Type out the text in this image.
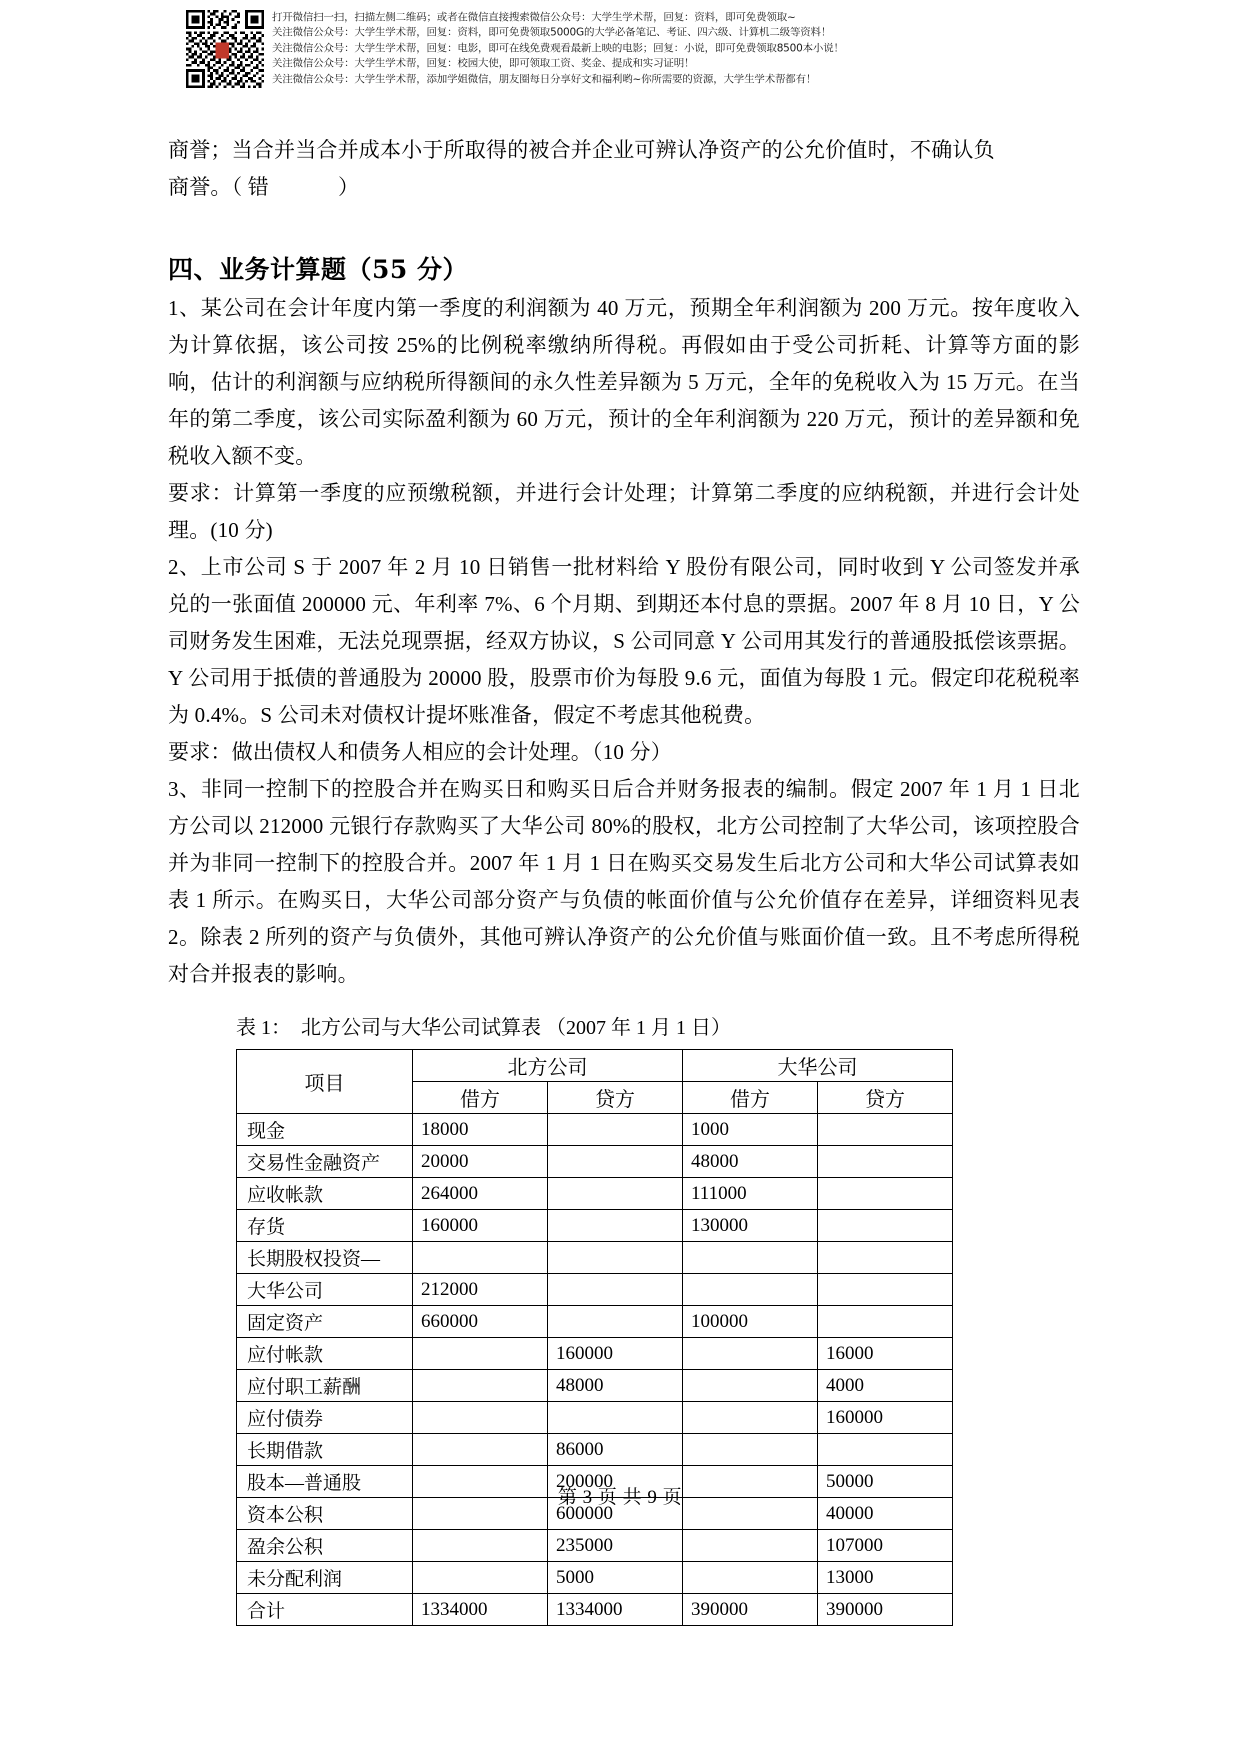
打开微信扫一扫，扫描左侧二维码；或者在微信直接搜索微信公众号：大学生学术帮，回复：资料，即可免费领取~
关注微信公众号：大学生学术帮，回复：资料，即可免费领取5000G的大学必备笔记、考证、四六级、计算机二级等资料！
关注微信公众号：大学生学术帮，回复：电影，即可在线免费观看最新上映的电影；回复：小说，即可免费领取8500本小说！
关注微信公众号：大学生学术帮，回复：校园大使，即可领取工资、奖金、提成和实习证明！
关注微信公众号：大学生学术帮，添加学姐微信，朋友圈每日分享好文和福利哟~你所需要的资源，大学生学术帮都有！

商誉；当合并当合并成本小于所取得的被合并企业可辨认净资产的公允价值时，不确认负

商誉。（ 错　　　 ）

四、业务计算题（55 分）

1、某公司在会计年度内第一季度的利润额为 40 万元，预期全年利润额为 200 万元。按年度收入为计算依据，该公司按 25%的比例税率缴纳所得税。再假如由于受公司折耗、计算等方面的影响，估计的利润额与应纳税所得额间的永久性差异额为 5 万元，全年的免税收入为 15 万元。在当年的第二季度，该公司实际盈利额为 60 万元，预计的全年利润额为 220 万元，预计的差异额和免税收入额不变。

要求：计算第一季度的应预缴税额，并进行会计处理；计算第二季度的应纳税额，并进行会计处理。(10 分)

2、上市公司 S 于 2007 年 2 月 10 日销售一批材料给 Y 股份有限公司，同时收到 Y 公司签发并承兑的一张面值 200000 元、年利率 7%、6 个月期、到期还本付息的票据。2007 年 8 月 10 日，Y 公司财务发生困难，无法兑现票据，经双方协议，S 公司同意 Y 公司用其发行的普通股抵偿该票据。Y 公司用于抵债的普通股为 20000 股，股票市价为每股 9.6 元，面值为每股 1 元。假定印花税税率为 0.4%。S 公司未对债权计提坏账准备，假定不考虑其他税费。

要求：做出债权人和债务人相应的会计处理。（10 分）

3、非同一控制下的控股合并在购买日和购买日后合并财务报表的编制。假定 2007 年 1 月 1 日北方公司以 212000 元银行存款购买了大华公司 80%的股权，北方公司控制了大华公司，该项控股合并为非同一控制下的控股合并。2007 年 1 月 1 日在购买交易发生后北方公司和大华公司试算表如表 1 所示。在购买日，大华公司部分资产与负债的帐面价值与公允价值存在差异，详细资料见表 2。除表 2 所列的资产与负债外，其他可辨认净资产的公允价值与账面价值一致。且不考虑所得税对合并报表的影响。

表 1：　北方公司与大华公司试算表 （2007 年 1 月 1 日）
项目	北方公司		大华公司	
	借方	贷方	借方	贷方
现金	18000		1000	
交易性金融资产	20000		48000	
应收帐款	264000		111000	
存货	160000		130000	
长期股权投资—				
大华公司	212000			
固定资产	660000		100000	
应付帐款		160000		16000
应付职工薪酬		48000		4000
应付债券				160000
长期借款		86000		
股本—普通股		200000		50000
资本公积		600000		40000
盈余公积		235000		107000
未分配利润		5000		13000
合计	1334000	1334000	390000	390000
第 3 页 共 9 页
